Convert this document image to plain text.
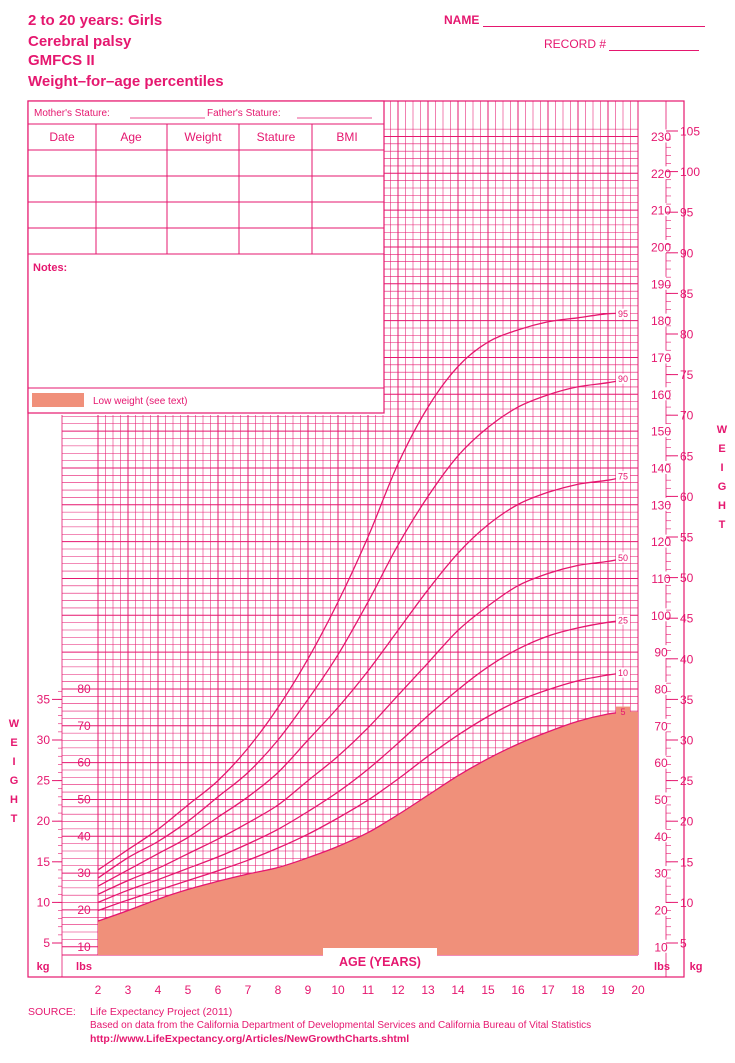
2 to 20 years: Girls
Cerebral palsy
GMFCS II
Weight–for–age percentiles
NAME
RECORD #
95
90
75
50
25
10
5
2 3 4 5 6 7 8 9 10 11 12 13 14 15 16 17 18 19 20
5
10
15
20
25
30
35
10
20
30
40
50
60
70
80
10
20
30
40
50
60
70
80
90
100
110
120
130
140
150
160
170
180
190
200
210
220
230
5
10
15
20
25
30
35
40
45
50
55
60
65
70
75
80
85
90
95
100
105
W
W
E
E
I
I
G
G
H
H
T
T
Mother's Stature:	Father's Stature:
Date	Age	Weight	Stature	BMI
Notes:
Low weight (see text)
AGE (YEARS)
kg lbs	lbs kg
SOURCE: Life Expectancy Project (2011)
Based on data from the California Department of Developmental Services and California Bureau of Vital Statistics
http://www.LifeExpectancy.org/Articles/NewGrowthCharts.shtml
